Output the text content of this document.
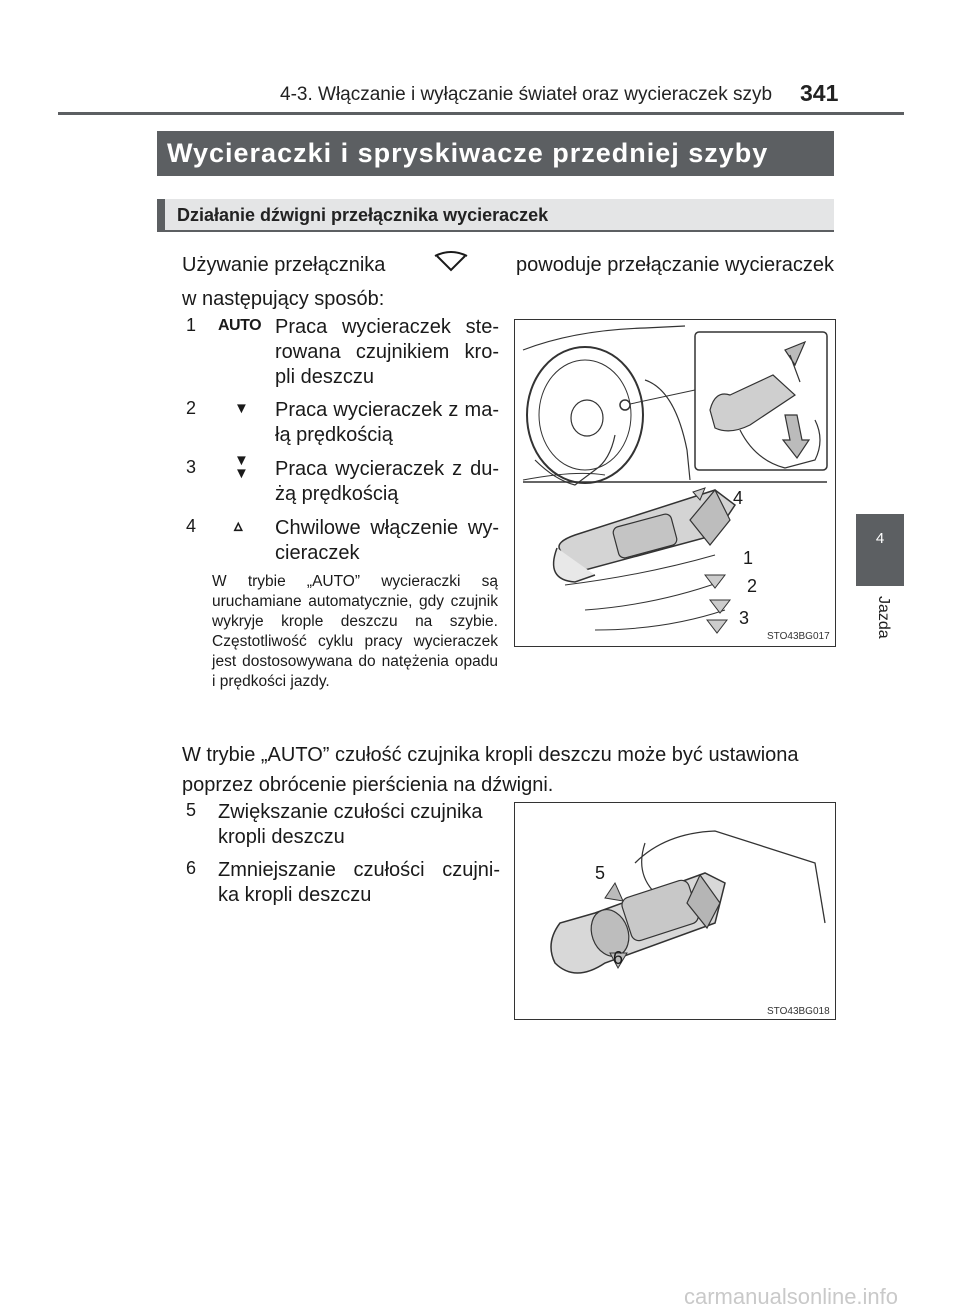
4-3. Włączanie i wyłączanie świateł oraz wycieraczek szyb 341
4
Jazda
Wycieraczki i spryskiwacze przedniej szyby
Działanie dźwigni przełącznika wycieraczek
Używanie przełącznika	powoduje przełączanie wycieraczek
w następujący sposób:
1 AUTO Praca wycieraczek ste-
rowana czujnikiem kro-
pli deszczu
2	▼ Praca wycieraczek z ma-
łą prędkością
3	▼▼ Praca wycieraczek z du-
żą prędkością
4 ▵ Chwilowe włączenie wy-
cieraczek
W trybie „AUTO” wycieraczki są uruchamiane automatycznie, gdy czujnik wykryje krople deszczu na szybie. Częstotliwość cyklu pracy wycieraczek jest dostosowywana do natężenia opadu i prędkości jazdy.
4
1
2
3
STO43BG017
W trybie „AUTO” czułość czujnika kropli deszczu może być ustawiona
poprzez obrócenie pierścienia na dźwigni.
5 Zwiększanie czułości czujnika
kropli deszczu
6 Zmniejszanie czułości czujni-
ka kropli deszczu
5
6
STO43BG018
carmanualsonline.info
